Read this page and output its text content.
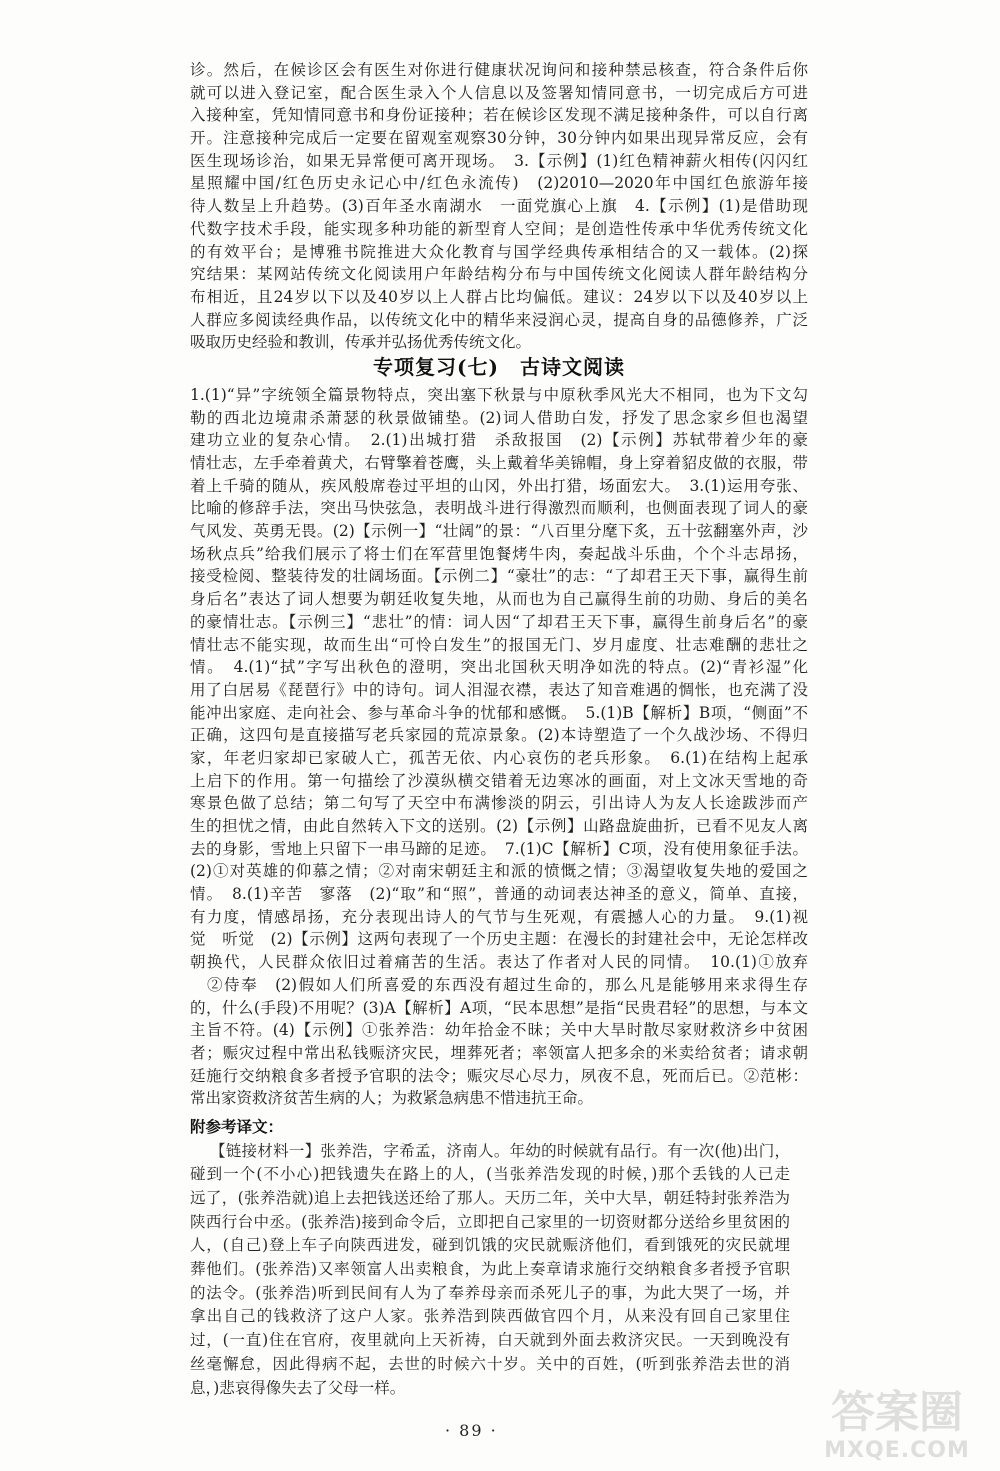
诊。然后，在候诊区会有医生对你进行健康状况询问和接种禁忌核查，符合条件后你
就可以进入登记室，配合医生录入个人信息以及签署知情同意书，一切完成后方可进
入接种室，凭知情同意书和身份证接种；若在候诊区发现不满足接种条件，可以自行离
开。注意接种完成后一定要在留观室观察30分钟，30分钟内如果出现异常反应，会有
医生现场诊治，如果无异常便可离开现场。　3.【示例】(1)红色精神薪火相传(闪闪红
星照耀中国/红色历史永记心中/红色永流传)　(2)2010—2020年中国红色旅游年接
待人数呈上升趋势。(3)百年圣水南湖水　一面党旗心上旗　4.【示例】(1)是借助现
代数字技术手段，能实现多种功能的新型育人空间；是创造性传承中华优秀传统文化
的有效平台；是博雅书院推进大众化教育与国学经典传承相结合的又一载体。(2)探
究结果：某网站传统文化阅读用户年龄结构分布与中国传统文化阅读人群年龄结构分
布相近，且24岁以下以及40岁以上人群占比均偏低。建议：24岁以下以及40岁以上
人群应多阅读经典作品，以传统文化中的精华来浸润心灵，提高自身的品德修养，广泛
吸取历史经验和教训，传承并弘扬优秀传统文化。
专项复习(七)　古诗文阅读
1.(1)“异”字统领全篇景物特点，突出塞下秋景与中原秋季风光大不相同，也为下文勾
勒的西北边境肃杀萧瑟的秋景做铺垫。(2)词人借助白发，抒发了思念家乡但也渴望
建功立业的复杂心情。　2.(1)出城打猎　杀敌报国　(2)【示例】苏轼带着少年的豪
情壮志，左手牵着黄犬，右臂擎着苍鹰，头上戴着华美锦帽，身上穿着貂皮做的衣服，带
着上千骑的随从，疾风般席卷过平坦的山冈，外出打猎，场面宏大。　3.(1)运用夸张、
比喻的修辞手法，突出马快弦急，表明战斗进行得激烈而顺利，也侧面表现了词人的豪
气风发、英勇无畏。(2)【示例一】“壮阔”的景：“八百里分麾下炙，五十弦翻塞外声，沙
场秋点兵”给我们展示了将士们在军营里饱餐烤牛肉，奏起战斗乐曲，个个斗志昂扬，
接受检阅、整装待发的壮阔场面。【示例二】“豪壮”的志：“了却君王天下事，赢得生前
身后名”表达了词人想要为朝廷收复失地，从而也为自己赢得生前的功勋、身后的美名
的豪情壮志。【示例三】“悲壮”的情：词人因“了却君王天下事，赢得生前身后名”的豪
情壮志不能实现，故而生出“可怜白发生”的报国无门、岁月虚度、壮志难酬的悲壮之
情。　4.(1)“拭”字写出秋色的澄明，突出北国秋天明净如洗的特点。(2)“青衫湿”化
用了白居易《琵琶行》中的诗句。词人泪湿衣襟，表达了知音难遇的惆怅，也充满了没
能冲出家庭、走向社会、参与革命斗争的忧郁和感慨。　5.(1)B【解析】B项，“侧面”不
正确，这四句是直接描写老兵家园的荒凉景象。(2)本诗塑造了一个久战沙场、不得归
家，年老归家却已家破人亡，孤苦无依、内心哀伤的老兵形象。　6.(1)在结构上起承
上启下的作用。第一句描绘了沙漠纵横交错着无边寒冰的画面，对上文冰天雪地的奇
寒景色做了总结；第二句写了天空中布满惨淡的阴云，引出诗人为友人长途跋涉而产
生的担忧之情，由此自然转入下文的送别。(2)【示例】山路盘旋曲折，已看不见友人离
去的身影，雪地上只留下一串马蹄的足迹。　7.(1)C【解析】C项，没有使用象征手法。
(2)①对英雄的仰慕之情；②对南宋朝廷主和派的愤慨之情；③渴望收复失地的爱国之
情。　8.(1)辛苦　寥落　(2)“取”和“照”，普通的动词表达神圣的意义，简单、直接，
有力度，情感昂扬，充分表现出诗人的气节与生死观，有震撼人心的力量。　9.(1)视
觉　听觉　(2)【示例】这两句表现了一个历史主题：在漫长的封建社会中，无论怎样改
朝换代，人民群众依旧过着痛苦的生活。表达了作者对人民的同情。　10.(1)①放弃
　②侍奉　(2)假如人们所喜爱的东西没有超过生命的，那么凡是能够用来求得生存
的，什么(手段)不用呢？(3)A【解析】A项，“民本思想”是指“民贵君轻”的思想，与本文
主旨不符。(4)【示例】①张养浩：幼年拾金不昧；关中大旱时散尽家财救济乡中贫困
者；赈灾过程中常出私钱赈济灾民，埋葬死者；率领富人把多余的米卖给贫者；请求朝
廷施行交纳粮食多者授予官职的法令；赈灾尽心尽力，夙夜不息，死而后已。②范彬：
常出家资救济贫苦生病的人；为救紧急病患不惜违抗王命。
附参考译文：
【链接材料一】张养浩，字希孟，济南人。年幼的时候就有品行。有一次(他)出门，
碰到一个(不小心)把钱遗失在路上的人，(当张养浩发现的时候，)那个丢钱的人已走
远了，(张养浩就)追上去把钱送还给了那人。天历二年，关中大旱，朝廷特封张养浩为
陕西行台中丞。(张养浩)接到命令后，立即把自己家里的一切资财都分送给乡里贫困的
人，(自己)登上车子向陕西进发，碰到饥饿的灾民就赈济他们，看到饿死的灾民就埋
葬他们。(张养浩)又率领富人出卖粮食，为此上奏章请求施行交纳粮食多者授予官职
的法令。(张养浩)听到民间有人为了奉养母亲而杀死儿子的事，为此大哭了一场，并
拿出自己的钱救济了这户人家。张养浩到陕西做官四个月，从来没有回自己家里住
过，(一直)住在官府，夜里就向上天祈祷，白天就到外面去救济灾民。一天到晚没有
丝毫懈怠，因此得病不起，去世的时候六十岁。关中的百姓，(听到张养浩去世的消
息，)悲哀得像失去了父母一样。
· 89 ·	答案圈
MXQE.COM
